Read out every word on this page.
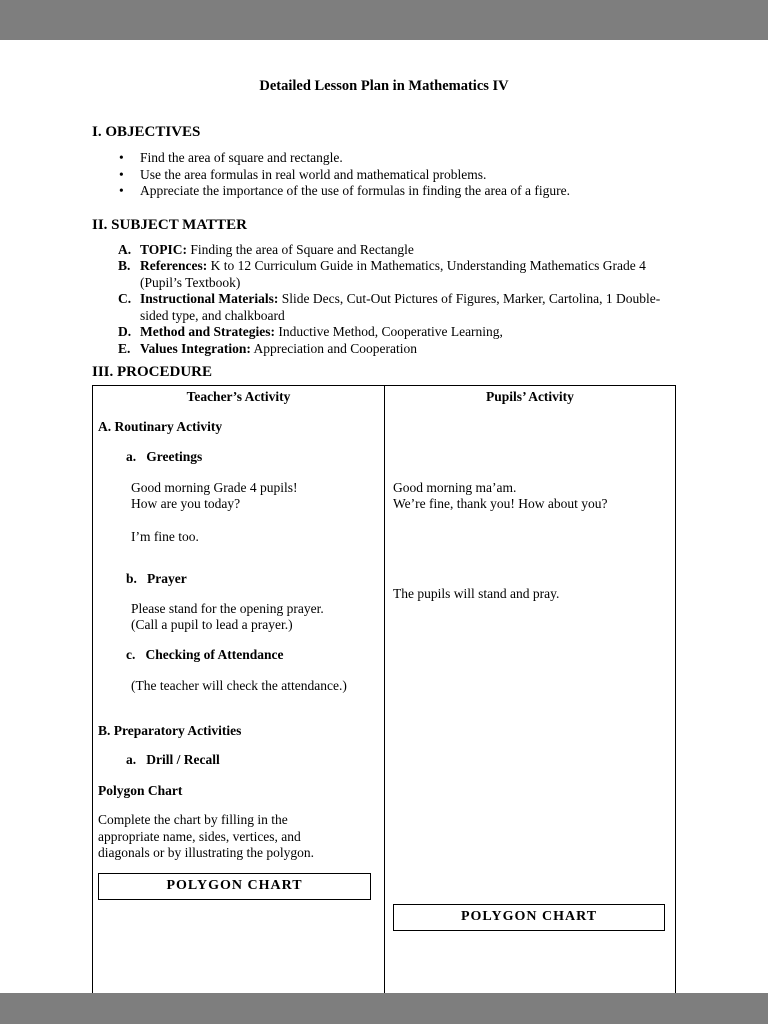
Detailed Lesson Plan in Mathematics IV
I. OBJECTIVES
• Find the area of square and rectangle.
• Use the area formulas in real world and mathematical problems.
• Appreciate the importance of the use of formulas in finding the area of a figure.
II. SUBJECT MATTER
A. TOPIC: Finding the area of Square and Rectangle
B. References: K to 12 Curriculum Guide in Mathematics, Understanding Mathematics Grade 4 (Pupil’s Textbook)
C. Instructional Materials: Slide Decs, Cut-Out Pictures of Figures, Marker, Cartolina, 1 Double-sided type, and chalkboard
D. Method and Strategies: Inductive Method, Cooperative Learning,
E. Values Integration: Appreciation and Cooperation
III. PROCEDURE
Teacher’s Activity
A. Routinary Activity
a.   Greetings
Good morning Grade 4 pupils!
How are you today?
I’m fine too.
b.   Prayer
Please stand for the opening prayer.
(Call a pupil to lead a prayer.)
c.   Checking of Attendance
(The teacher will check the attendance.)
B. Preparatory Activities
a.   Drill / Recall
Polygon Chart
Complete the chart by filling in the appropriate name, sides, vertices, and diagonals or by illustrating the polygon.
POLYGON CHART
Pupils’ Activity
Good morning ma’am.
We’re fine, thank you! How about you?
The pupils will stand and pray.
POLYGON CHART
